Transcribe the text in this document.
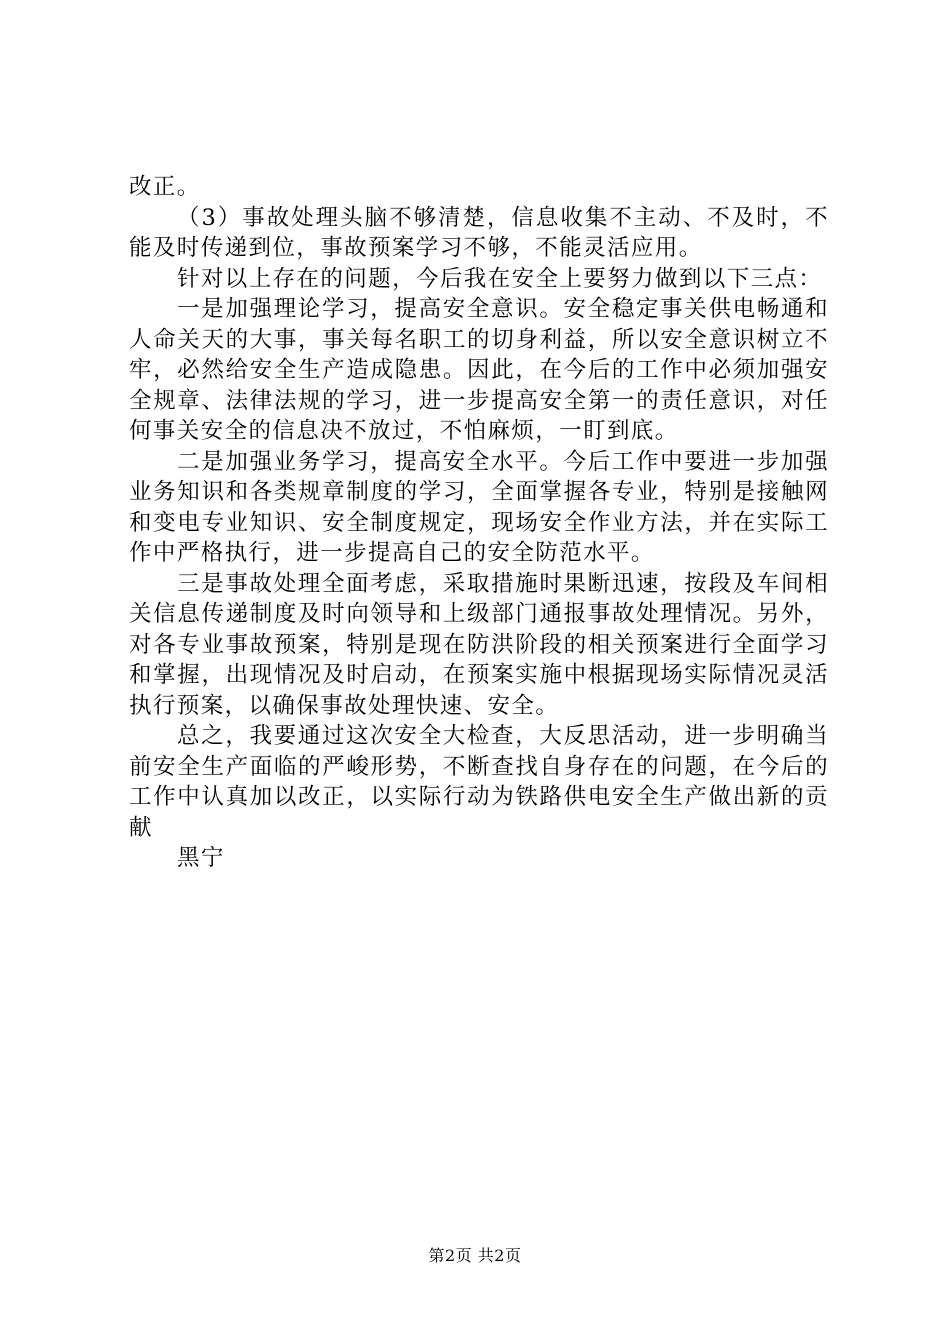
改正。

（3）事故处理头脑不够清楚，信息收集不主动、不及时，不能及时传递到位，事故预案学习不够，不能灵活应用。

针对以上存在的问题，今后我在安全上要努力做到以下三点：

一是加强理论学习，提高安全意识。安全稳定事关供电畅通和人命关天的大事，事关每名职工的切身利益，所以安全意识树立不牢，必然给安全生产造成隐患。因此，在今后的工作中必须加强安全规章、法律法规的学习，进一步提高安全第一的责任意识，对任何事关安全的信息决不放过，不怕麻烦，一盯到底。

二是加强业务学习，提高安全水平。今后工作中要进一步加强业务知识和各类规章制度的学习，全面掌握各专业，特别是接触网和变电专业知识、安全制度规定，现场安全作业方法，并在实际工作中严格执行，进一步提高自己的安全防范水平。

三是事故处理全面考虑，采取措施时果断迅速，按段及车间相关信息传递制度及时向领导和上级部门通报事故处理情况。另外，对各专业事故预案，特别是现在防洪阶段的相关预案进行全面学习和掌握，出现情况及时启动，在预案实施中根据现场实际情况灵活执行预案，以确保事故处理快速、安全。

总之，我要通过这次安全大检查，大反思活动，进一步明确当前安全生产面临的严峻形势，不断查找自身存在的问题，在今后的工作中认真加以改正，以实际行动为铁路供电安全生产做出新的贡献

黑宁

第2页 共2页
